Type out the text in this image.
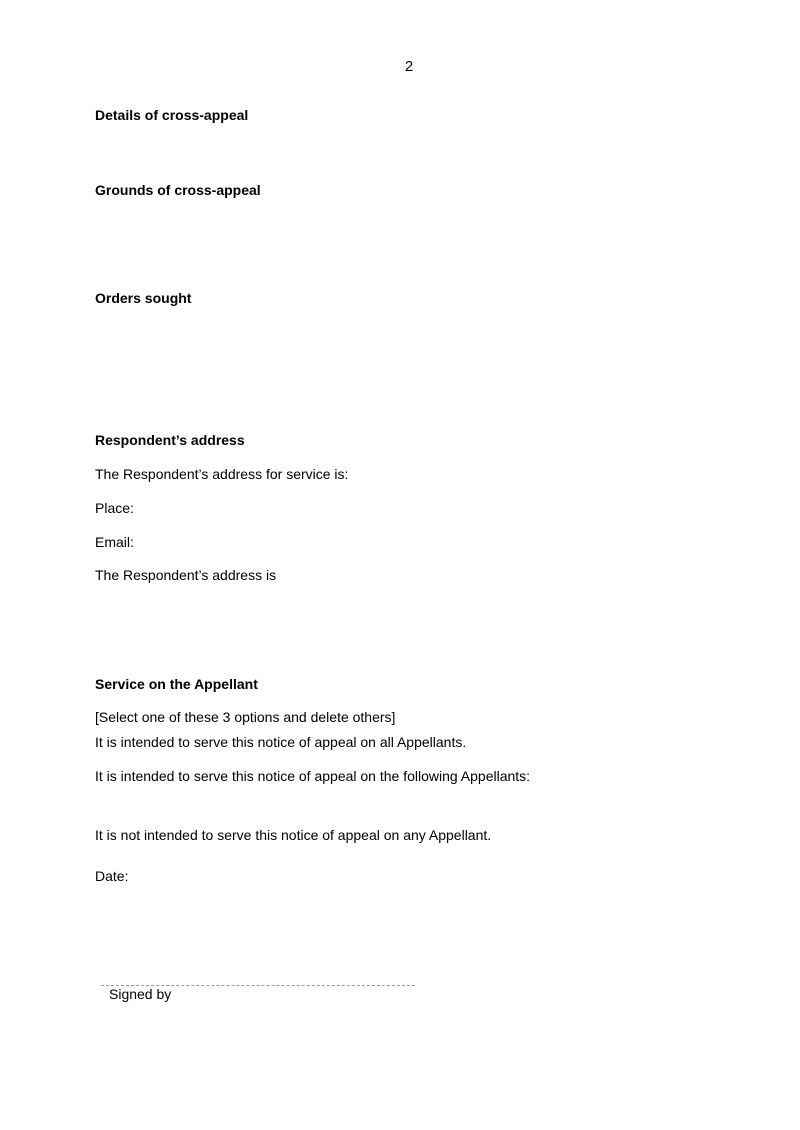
2
Details of cross-appeal
Grounds of cross-appeal
Orders sought
Respondent’s address
The Respondent’s address for service is:
Place:
Email:
The Respondent’s address is
Service on the Appellant
[Select one of these 3 options and delete others]
It is intended to serve this notice of appeal on all Appellants.
It is intended to serve this notice of appeal on the following Appellants:
It is not intended to serve this notice of appeal on any Appellant.
Date:
Signed by
